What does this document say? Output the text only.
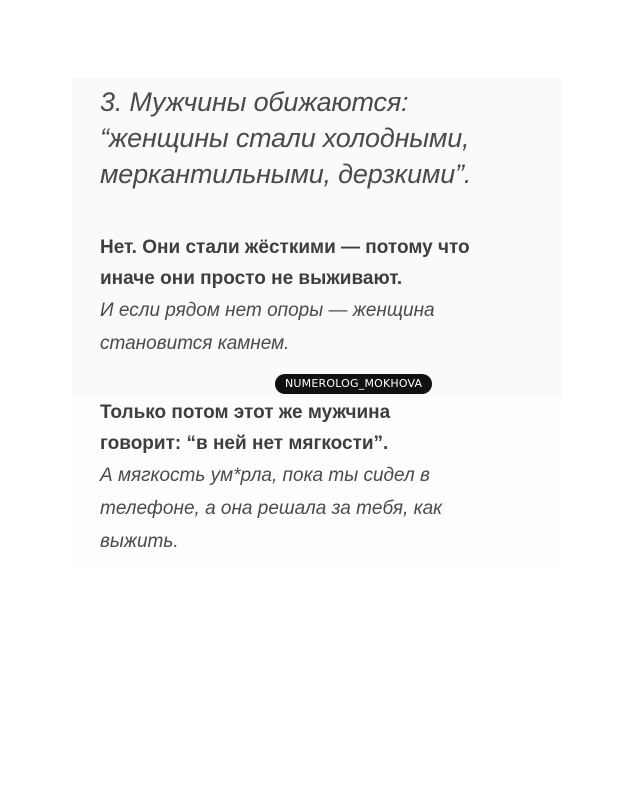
3. Мужчины обижаются:
“женщины стали холодными,
меркантильными, дерзкими”.
Нет. Они стали жёсткими — потому что
иначе они просто не выживают.
И если рядом нет опоры — женщина
становится камнем.
Только потом этот же мужчина
говорит: “в ней нет мягкости”.
А мягкость ум*рла, пока ты сидел в
телефоне, а она решала за тебя, как
выжить.
NUMEROLOG_MOKHOVA
